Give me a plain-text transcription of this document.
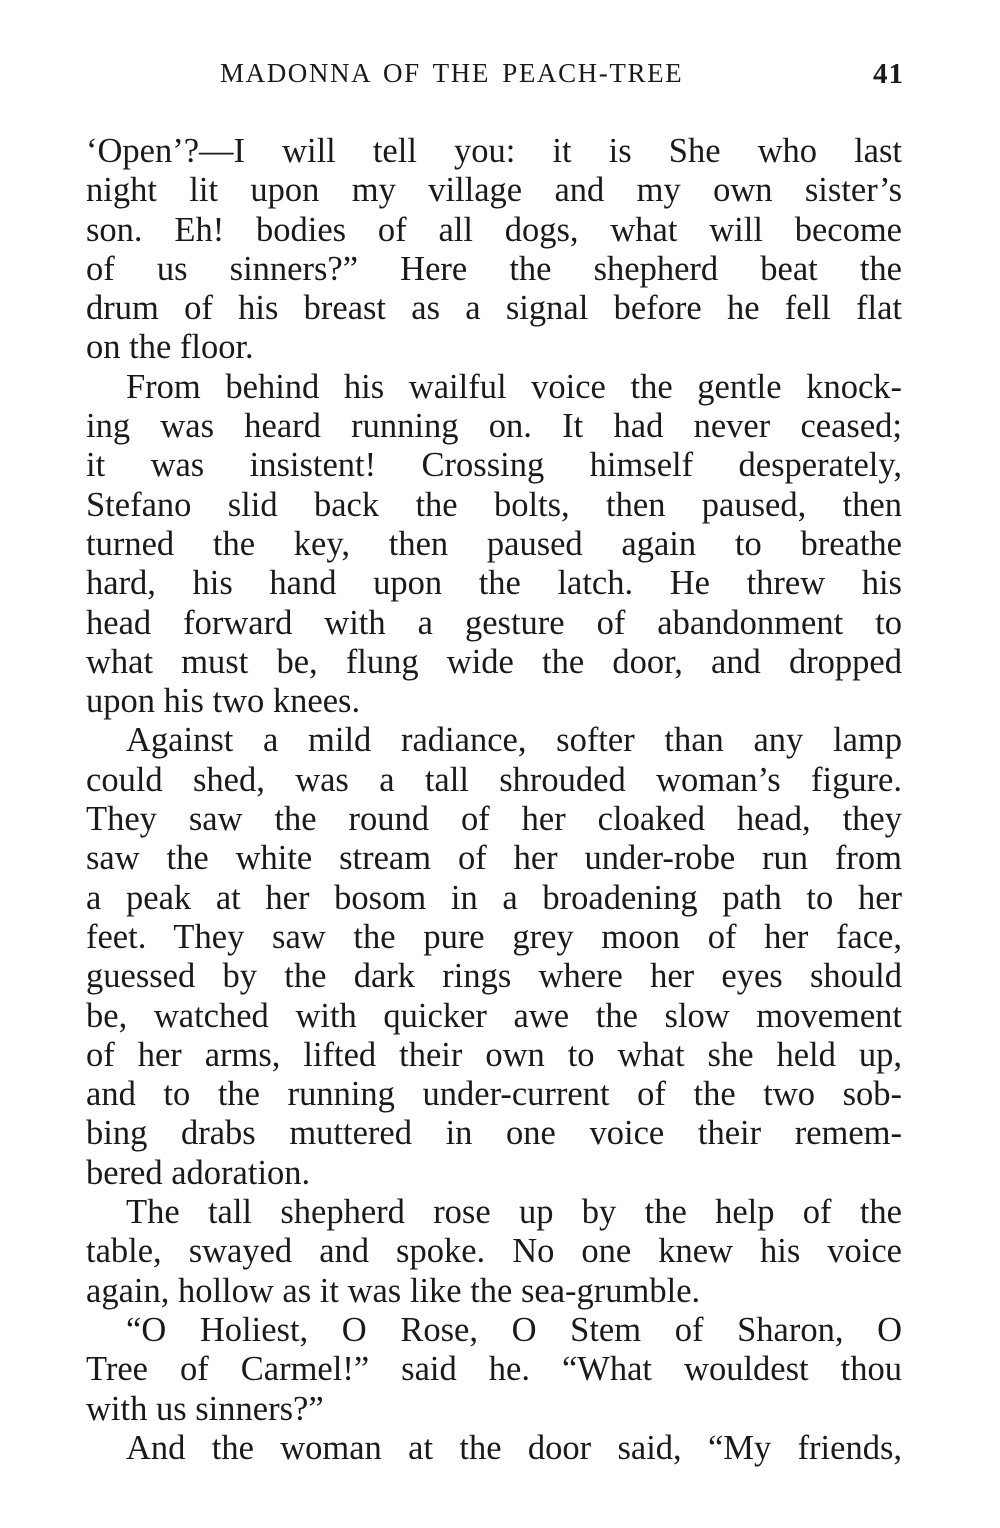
MADONNA OF THE PEACH-TREE	41
‘Open’?—I will tell you: it is She who last
night lit upon my village and my own sister’s
son. Eh! bodies of all dogs, what will become
of us sinners?” Here the shepherd beat the
drum of his breast as a signal before he fell flat
on the floor.
From behind his wailful voice the gentle knock-
ing was heard running on. It had never ceased;
it was insistent! Crossing himself desperately,
Stefano slid back the bolts, then paused, then
turned the key, then paused again to breathe
hard, his hand upon the latch. He threw his
head forward with a gesture of abandonment to
what must be, flung wide the door, and dropped
upon his two knees.
Against a mild radiance, softer than any lamp
could shed, was a tall shrouded woman’s figure.
They saw the round of her cloaked head, they
saw the white stream of her under-robe run from
a peak at her bosom in a broadening path to her
feet. They saw the pure grey moon of her face,
guessed by the dark rings where her eyes should
be, watched with quicker awe the slow movement
of her arms, lifted their own to what she held up,
and to the running under-current of the two sob-
bing drabs muttered in one voice their remem-
bered adoration.
The tall shepherd rose up by the help of the
table, swayed and spoke. No one knew his voice
again, hollow as it was like the sea-grumble.
“O Holiest, O Rose, O Stem of Sharon, O
Tree of Carmel!” said he. “What wouldest thou
with us sinners?”
And the woman at the door said, “My friends,
